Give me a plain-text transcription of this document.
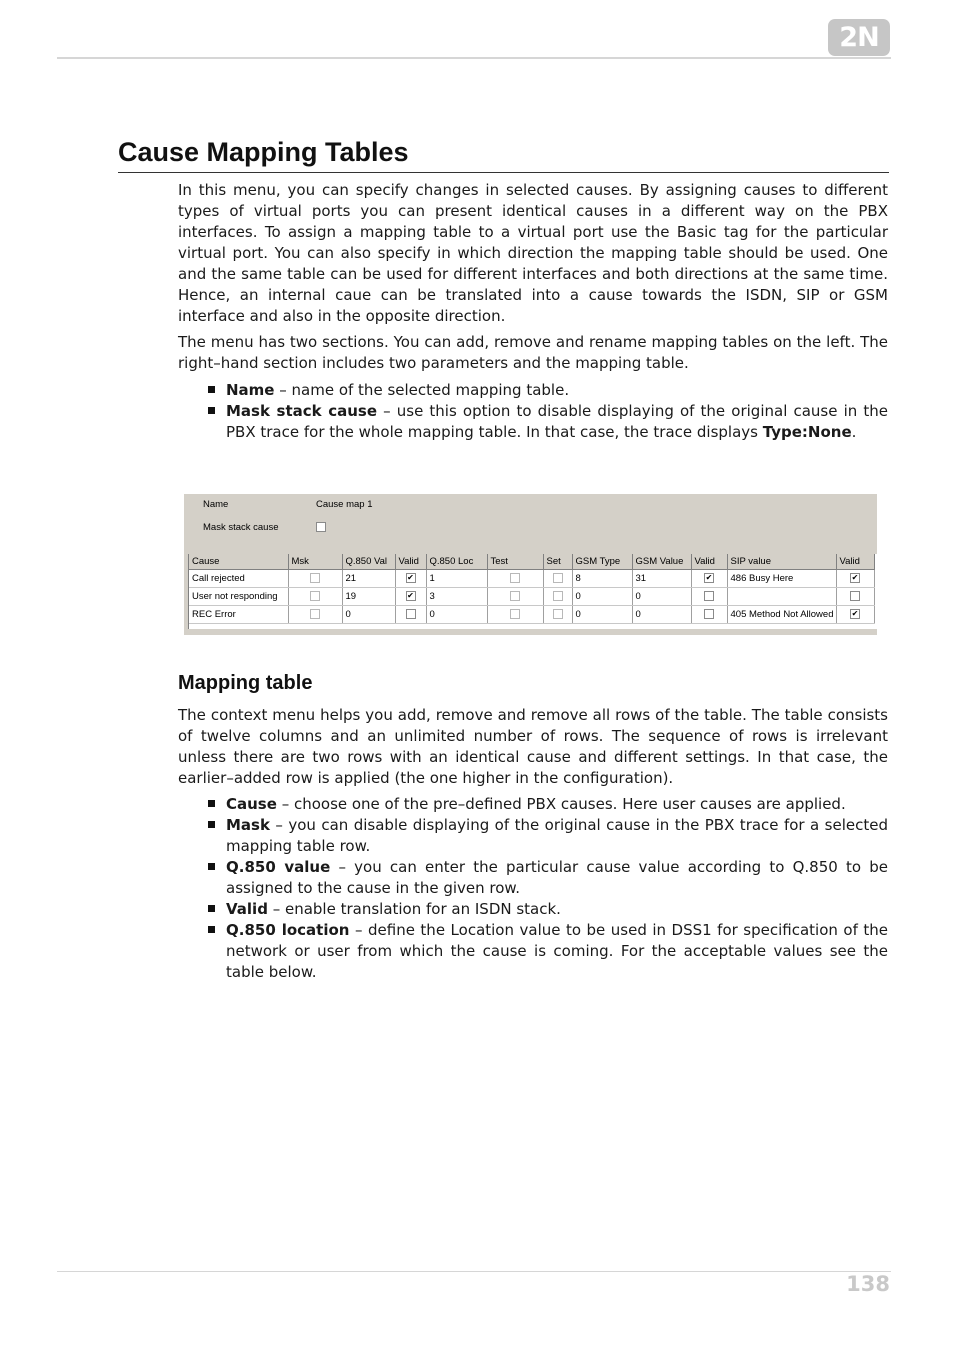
2N
Cause Mapping Tables

In this menu, you can specify changes in selected causes. By assigning causes to different types of virtual ports you can present identical causes in a different way on the PBX interfaces. To assign a mapping table to a virtual port use the Basic tag for the particular virtual port. You can also specify in which direction the mapping table should be used. One and the same table can be used for different interfaces and both directions at the same time. Hence, an internal caue can be translated into a cause towards the ISDN, SIP or GSM interface and also in the opposite direction.

The menu has two sections. You can add, remove and rename mapping tables on the left. The right–hand section includes two parameters and the mapping table.

Name – name of the selected mapping table.
Mask stack cause – use this option to disable displaying of the original cause in the PBX trace for the whole mapping table. In that case, the trace displays Type:None.
Name	Cause map 1
Mask stack cause
Cause	Msk	Q.850 Val	Valid	Q.850 Loc	Test	Set	GSM Type	GSM Value	Valid	SIP value	Valid
Call rejected		21	✔	1			8	31	✔	486 Busy Here	✔
User not responding		19	✔	3			0	0			
REC Error		0		0			0	0		405 Method Not Allowed	✔
Mapping table

The context menu helps you add, remove and remove all rows of the table. The table consists of twelve columns and an unlimited number of rows. The sequence of rows is irrelevant unless there are two rows with an identical cause and different settings. In that case, the earlier–added row is applied (the one higher in the configuration).

Cause – choose one of the pre–defined PBX causes. Here user causes are applied.
Mask – you can disable displaying of the original cause in the PBX trace for a selected mapping table row.
Q.850 value – you can enter the particular cause value according to Q.850 to be assigned to the cause in the given row.
Valid – enable translation for an ISDN stack.
Q.850 location – define the Location value to be used in DSS1 for specification of the network or user from which the cause is coming. For the acceptable values see the table below.
138
